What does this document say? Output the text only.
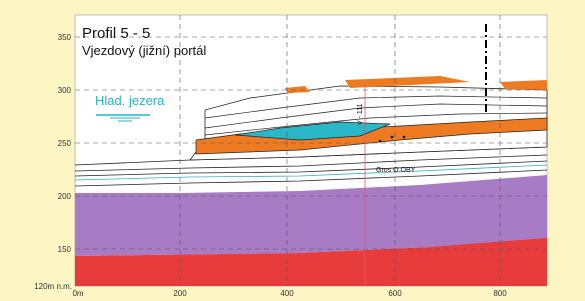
V - 111
Gros O.OBY
Hlad. jezera
Profil 5 - 5
Vjezdový (jižní) portál
350
300
250
200
150
120m n.m.
0m	200	400	600	800
